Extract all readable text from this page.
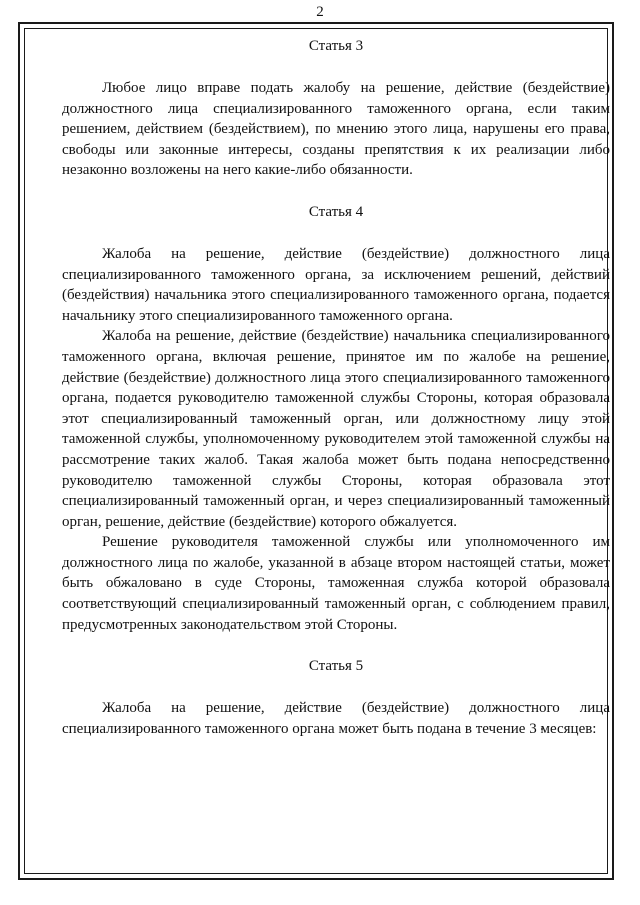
2
Статья 3

Любое лицо вправе подать жалобу на решение, действие (бездействие) должностного лица специализированного таможенного органа, если таким решением, действием (бездействием), по мнению этого лица, нарушены его права, свободы или законные интересы, созданы препятствия к их реализации либо незаконно возложены на него какие-либо обязанности.

Статья 4

Жалоба на решение, действие (бездействие) должностного лица специализированного таможенного органа, за исключением решений, действий (бездействия) начальника этого специализированного таможенного органа, подается начальнику этого специализированного таможенного органа.

Жалоба на решение, действие (бездействие) начальника специализированного таможенного органа, включая решение, принятое им по жалобе на решение, действие (бездействие) должностного лица этого специализированного таможенного органа, подается руководителю таможенной службы Стороны, которая образовала этот специализированный таможенный орган, или должностному лицу этой таможенной службы, уполномоченному руководителем этой таможенной службы на рассмотрение таких жалоб. Такая жалоба может быть подана непосредственно руководителю таможенной службы Стороны, которая образовала этот специализированный таможенный орган, и через специализированный таможенный орган, решение, действие (бездействие) которого обжалуется.

Решение руководителя таможенной службы или уполномоченного им должностного лица по жалобе, указанной в абзаце втором настоящей статьи, может быть обжаловано в суде Стороны, таможенная служба которой образовала соответствующий специализированный таможенный орган, с соблюдением правил, предусмотренных законодательством этой Стороны.

Статья 5

Жалоба на решение, действие (бездействие) должностного лица специализированного таможенного органа может быть подана в течение 3 месяцев:
